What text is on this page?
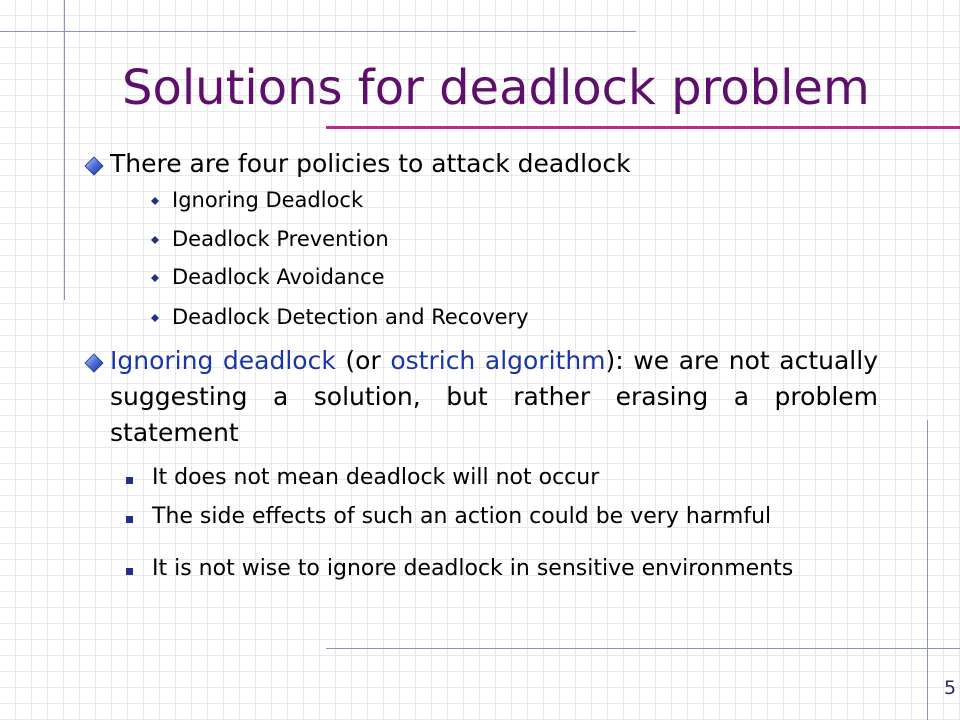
Solutions for deadlock problem
There are four policies to attack deadlock
Ignoring Deadlock
Deadlock Prevention
Deadlock Avoidance
Deadlock Detection and Recovery
Ignoring deadlock (or ostrich algorithm): we are not actually suggesting a solution, but rather erasing a problem statement
It does not mean deadlock will not occur
The side effects of such an action could be very harmful
It is not wise to ignore deadlock in sensitive environments
5
